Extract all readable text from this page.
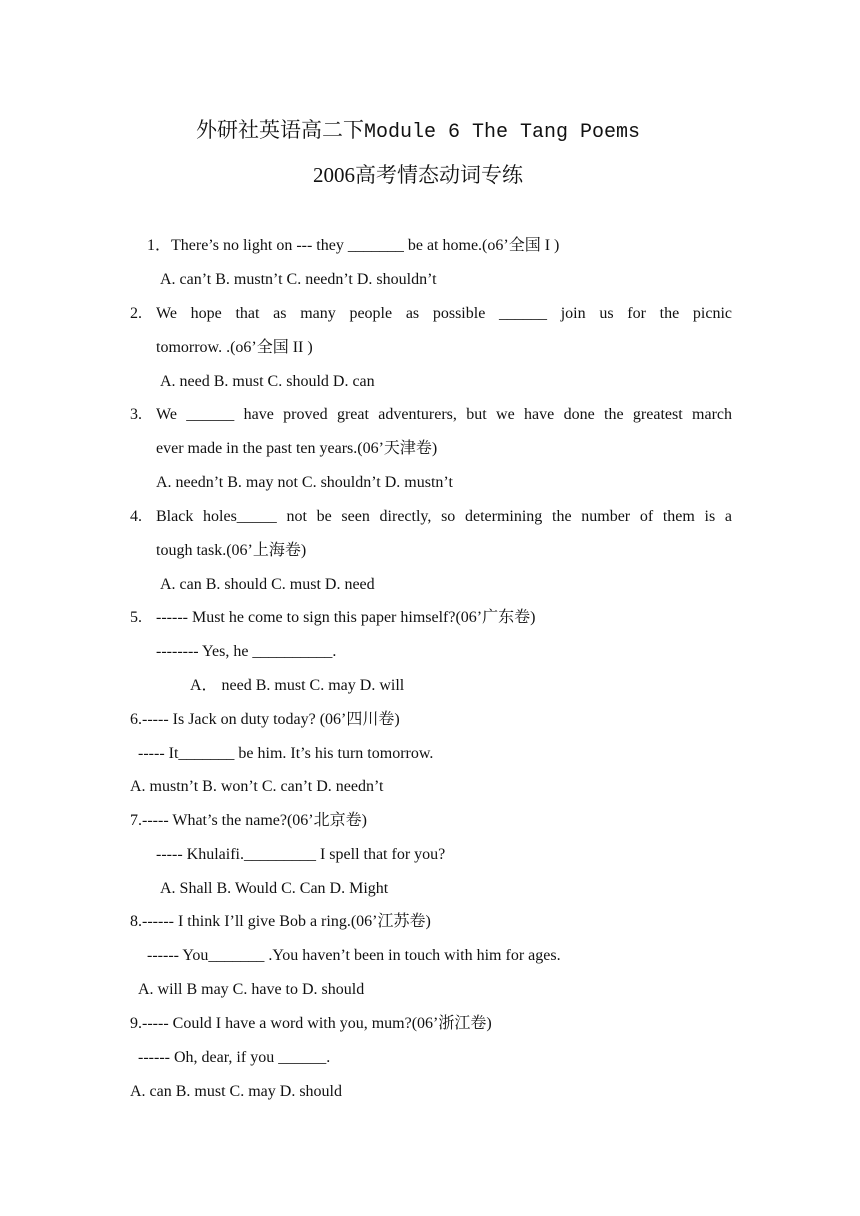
外研社英语高二下Module 6 The Tang Poems
2006高考情态动词专练
1．There’s no light on --- they _______ be at home.(o6’全国 I )
A. can’t B. mustn’t C. needn’t D. shouldn’t
2. We hope that as many people as possible ______ join us for the picnic
tomorrow. .(o6’全国 II )
A. need B. must C. should D. can
3. We ______ have proved great adventurers, but we have done the greatest march
ever made in the past ten years.(06’天津卷)
A. needn’t B. may not C. shouldn’t D. mustn’t
4. Black holes_____ not be seen directly, so determining the number of them is a
tough task.(06’上海卷)
A. can B. should C. must D. need
5. ------ Must he come to sign this paper himself?(06’广东卷)
-------- Yes, he __________.
A． need B. must C. may D. will
6.----- Is Jack on duty today? (06’四川卷)
----- It_______ be him. It’s his turn tomorrow.
A. mustn’t B. won’t C. can’t D. needn’t
7.----- What’s the name?(06’北京卷)
----- Khulaifi._________ I spell that for you?
A. Shall B. Would C. Can D. Might
8.------ I think I’ll give Bob a ring.(06’江苏卷)
------ You_______ .You haven’t been in touch with him for ages.
A. will B may C. have to D. should
9.----- Could I have a word with you, mum?(06’浙江卷)
------ Oh, dear, if you ______.
A. can B. must C. may D. should
